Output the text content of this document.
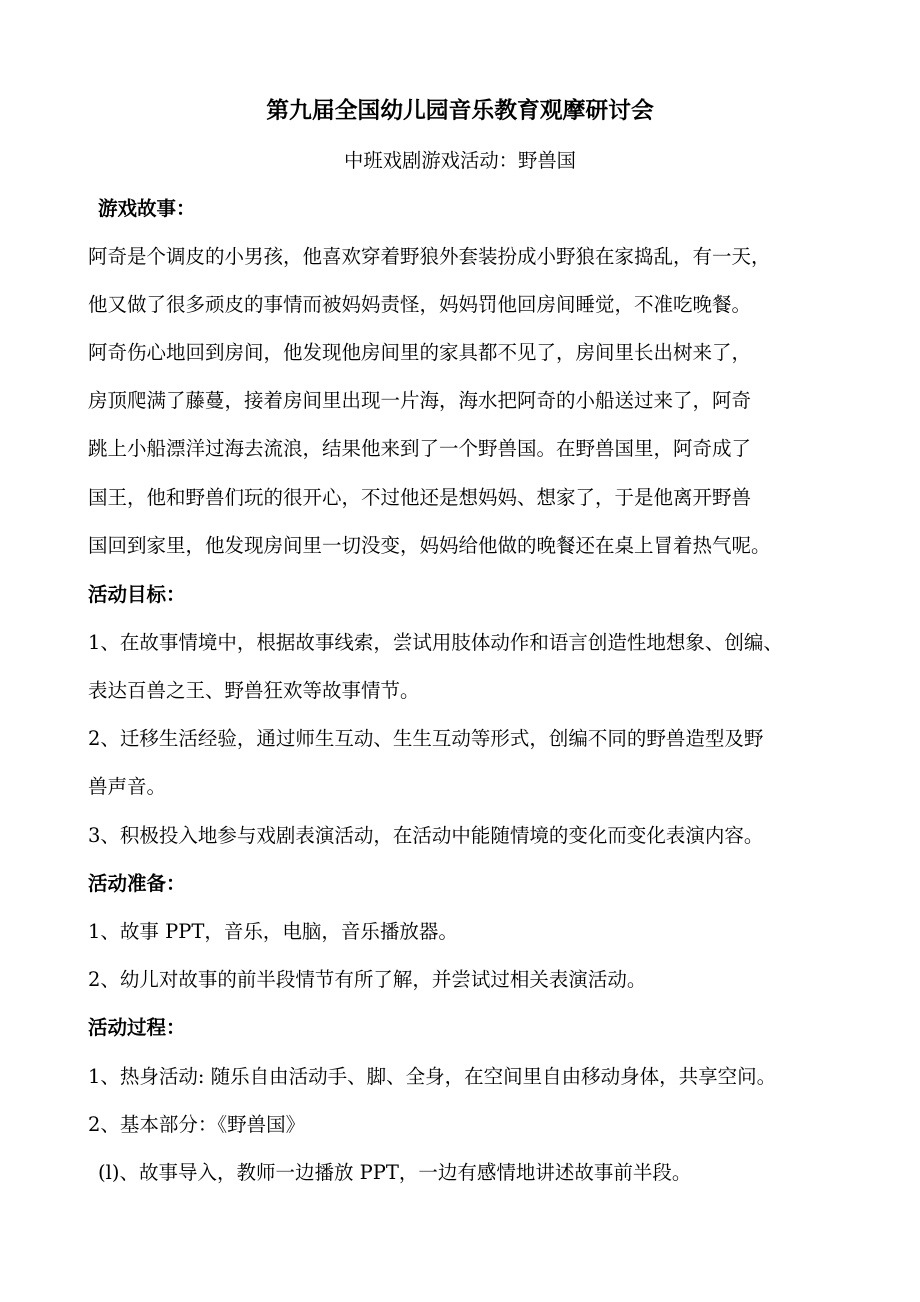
第九届全国幼儿园音乐教育观摩研讨会
中班戏剧游戏活动：野兽国
游戏故事：
阿奇是个调皮的小男孩，他喜欢穿着野狼外套装扮成小野狼在家捣乱，有一天，
他又做了很多顽皮的事情而被妈妈责怪，妈妈罚他回房间睡觉，不准吃晚餐。
阿奇伤心地回到房间，他发现他房间里的家具都不见了，房间里长出树来了，
房顶爬满了藤蔓，接着房间里出现一片海，海水把阿奇的小船送过来了，阿奇
跳上小船漂洋过海去流浪，结果他来到了一个野兽国。在野兽国里，阿奇成了
国王，他和野兽们玩的很开心，不过他还是想妈妈、想家了，于是他离开野兽
国回到家里，他发现房间里一切没变，妈妈给他做的晚餐还在桌上冒着热气呢。
活动目标：
1、在故事情境中，根据故事线索，尝试用肢体动作和语言创造性地想象、创编、
表达百兽之王、野兽狂欢等故事情节。
2、迁移生活经验，通过师生互动、生生互动等形式，创编不同的野兽造型及野
兽声音。
3、积极投入地参与戏剧表演活动，在活动中能随情境的变化而变化表演内容。
活动准备：
1、故事 PPT，音乐，电脑，音乐播放器。
2、幼儿对故事的前半段情节有所了解，并尝试过相关表演活动。
活动过程：
1、热身活动: 随乐自由活动手、脚、全身，在空间里自由移动身体，共享空问。
2、基本部分：《野兽国》
(l)、故事导入，教师一边播放 PPT，一边有感情地讲述故事前半段。
